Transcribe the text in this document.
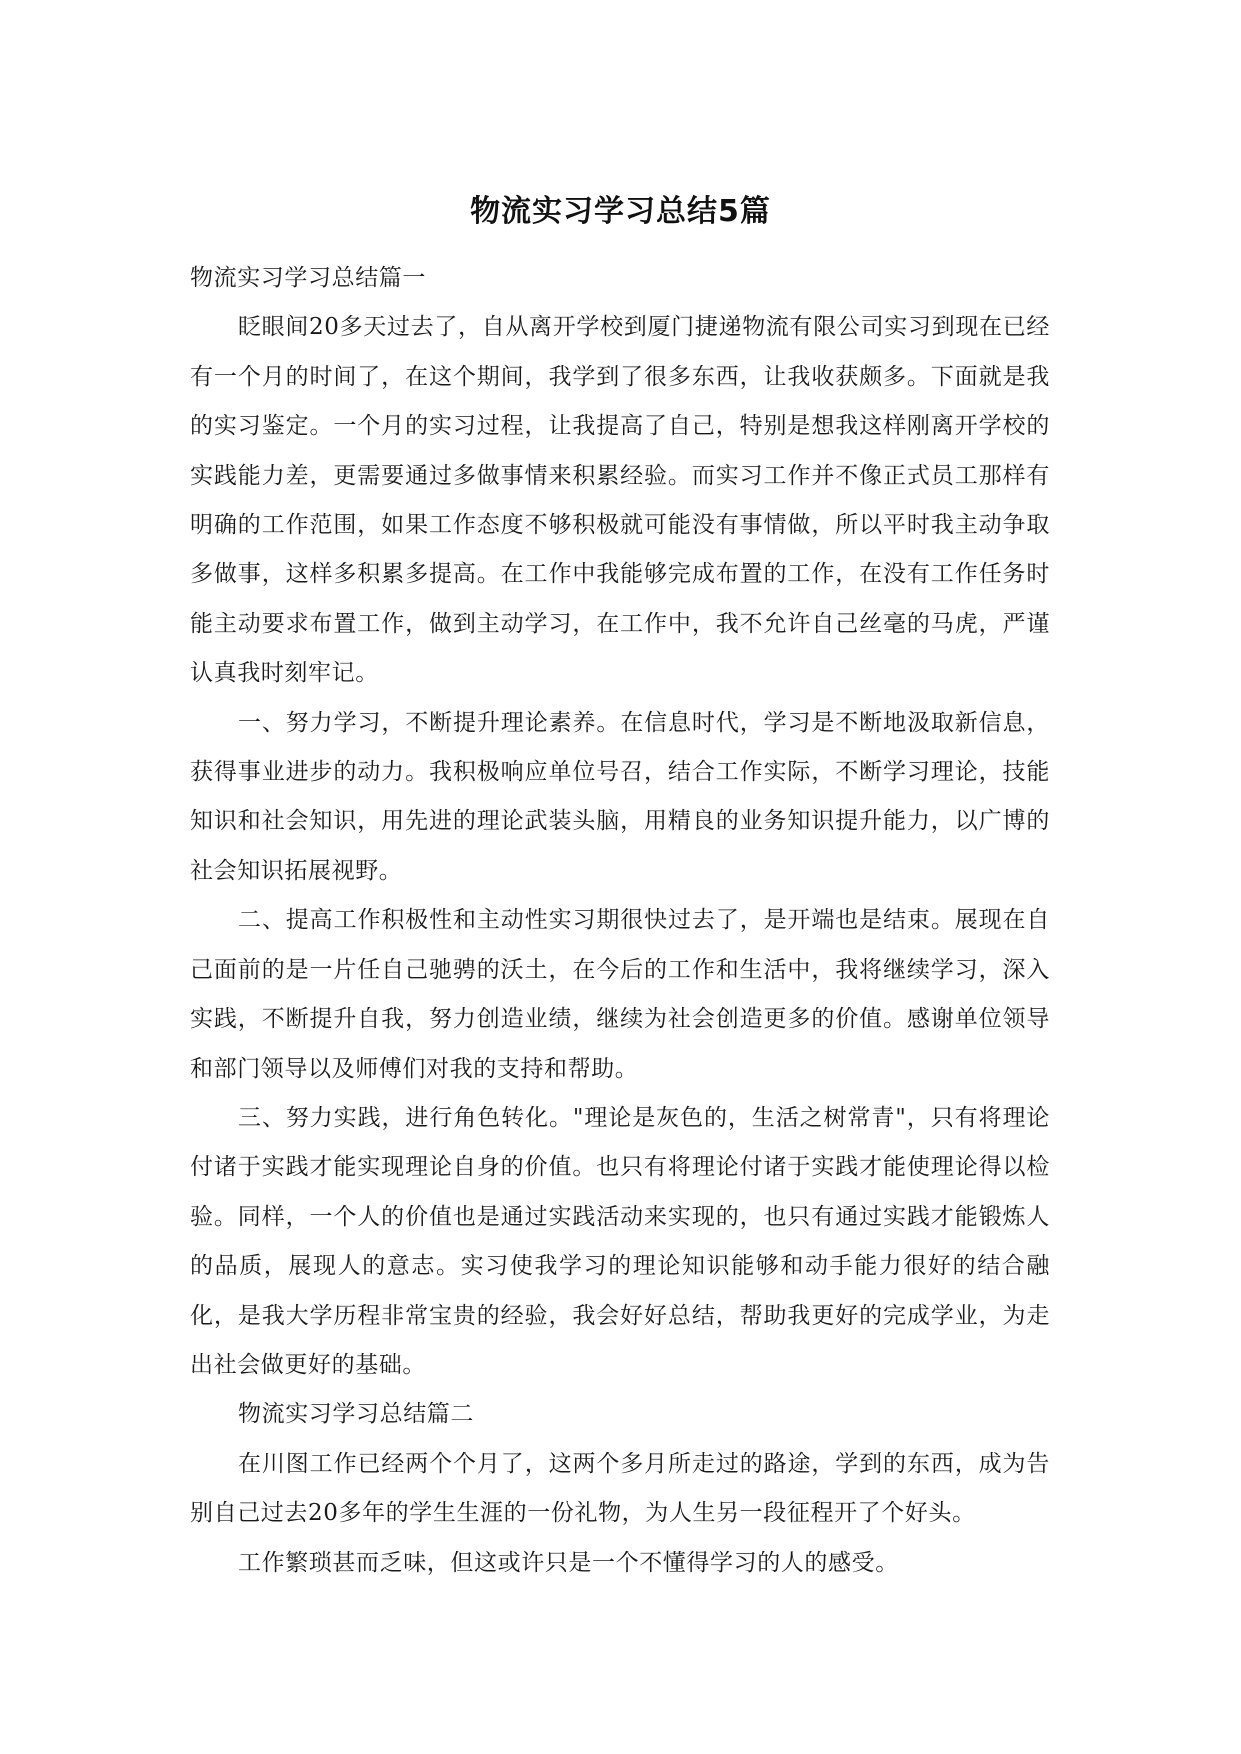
物流实习学习总结5篇

物流实习学习总结篇一

眨眼间20多天过去了，自从离开学校到厦门捷递物流有限公司实习到现在已经有一个月的时间了，在这个期间，我学到了很多东西，让我收获颇多。下面就是我的实习鉴定。一个月的实习过程，让我提高了自己，特别是想我这样刚离开学校的实践能力差，更需要通过多做事情来积累经验。而实习工作并不像正式员工那样有明确的工作范围，如果工作态度不够积极就可能没有事情做，所以平时我主动争取多做事，这样多积累多提高。在工作中我能够完成布置的工作，在没有工作任务时能主动要求布置工作，做到主动学习，在工作中，我不允许自己丝毫的马虎，严谨认真我时刻牢记。

一、努力学习，不断提升理论素养。在信息时代，学习是不断地汲取新信息，获得事业进步的动力。我积极响应单位号召，结合工作实际，不断学习理论，技能知识和社会知识，用先进的理论武装头脑，用精良的业务知识提升能力，以广博的社会知识拓展视野。

二、提高工作积极性和主动性实习期很快过去了，是开端也是结束。展现在自己面前的是一片任自己驰骋的沃土，在今后的工作和生活中，我将继续学习，深入实践，不断提升自我，努力创造业绩，继续为社会创造更多的价值。感谢单位领导和部门领导以及师傅们对我的支持和帮助。

三、努力实践，进行角色转化。"理论是灰色的，生活之树常青"，只有将理论付诸于实践才能实现理论自身的价值。也只有将理论付诸于实践才能使理论得以检验。同样，一个人的价值也是通过实践活动来实现的，也只有通过实践才能锻炼人的品质，展现人的意志。实习使我学习的理论知识能够和动手能力很好的结合融化，是我大学历程非常宝贵的经验，我会好好总结，帮助我更好的完成学业，为走出社会做更好的基础。

物流实习学习总结篇二

在川图工作已经两个个月了，这两个多月所走过的路途，学到的东西，成为告别自己过去20多年的学生生涯的一份礼物，为人生另一段征程开了个好头。

工作繁琐甚而乏味，但这或许只是一个不懂得学习的人的感受。
